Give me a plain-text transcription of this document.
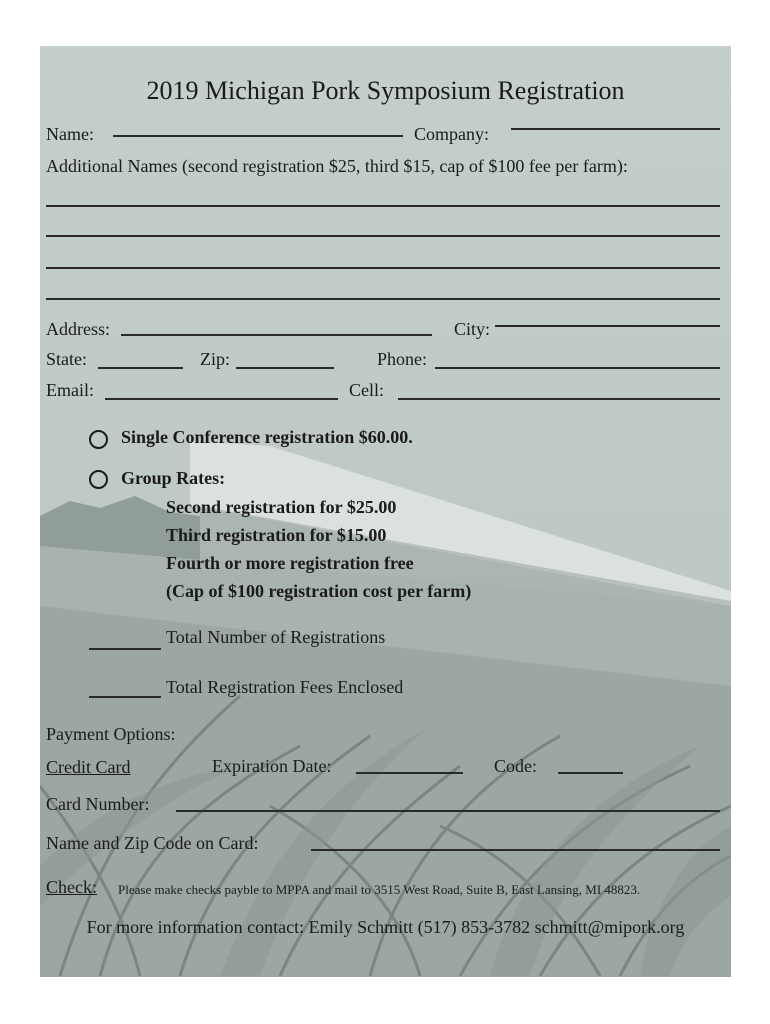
2019 Michigan Pork Symposium Registration
Name:	Company:
Additional Names (second registration $25, third $15, cap of $100 fee per farm):
Address:	City:
State:	Zip:	Phone:
Email:	Cell:
Single Conference registration $60.00.
Group Rates:
Second registration for $25.00
Third registration for $15.00
Fourth or more registration free
(Cap of $100 registration cost per farm)
Total Number of Registrations
Total Registration Fees Enclosed
Payment Options:
Credit Card	Expiration Date:	Code:
Card Number:
Name and Zip Code on Card:
Check: Please make checks payble to MPPA and mail to 3515 West Road, Suite B, East Lansing, MI 48823.
For more information contact: Emily Schmitt (517) 853-3782 schmitt@mipork.org
